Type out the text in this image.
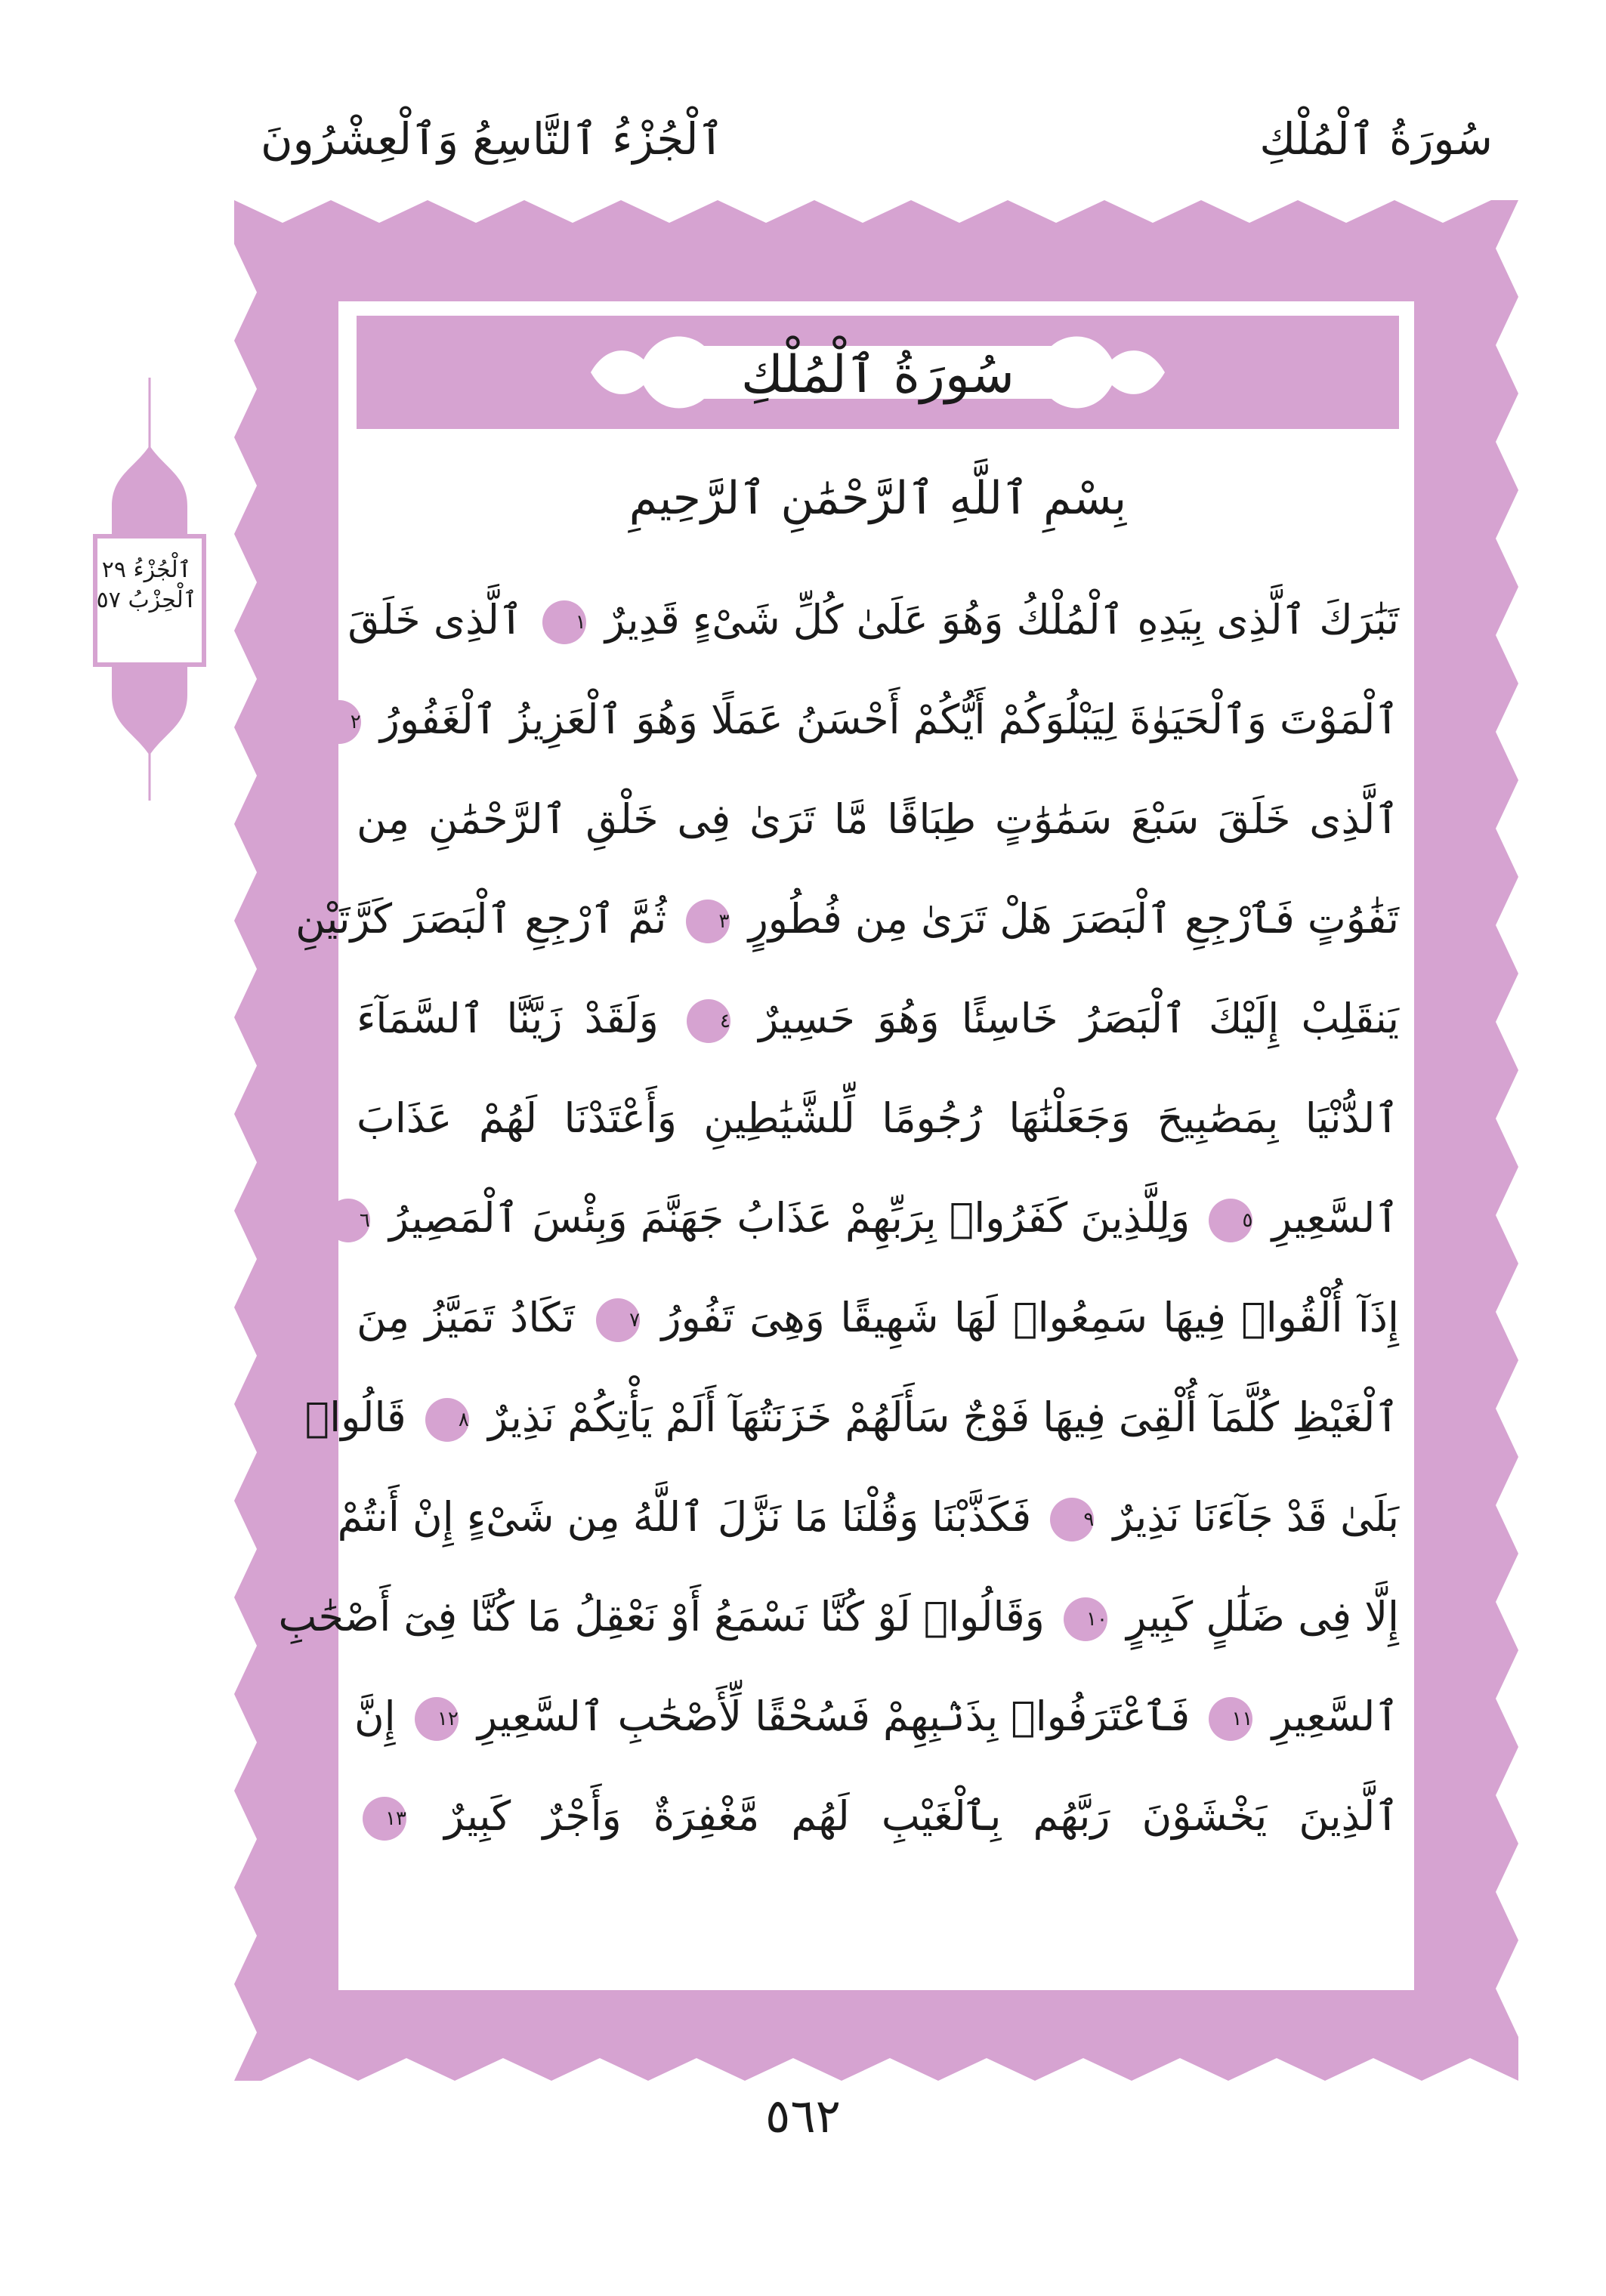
سُورَةُ ٱلْمُلْكِ
ٱلْجُزْءُ ٱلتَّاسِعُ وَٱلْعِشْرُونَ
ٱلْجُزْءُ ٢٩
ٱلْحِزْبُ ٥٧
سُورَةُ ٱلْمُلْكِ
بِسْمِ ٱللَّهِ ٱلرَّحْمَٰنِ ٱلرَّحِيمِ
تَبَٰرَكَ ٱلَّذِى بِيَدِهِ ٱلْمُلْكُ وَهُوَ عَلَىٰ كُلِّ شَىْءٍ قَدِيرٌ ١ ٱلَّذِى خَلَقَ
ٱلْمَوْتَ وَٱلْحَيَوٰةَ لِيَبْلُوَكُمْ أَيُّكُمْ أَحْسَنُ عَمَلًا وَهُوَ ٱلْعَزِيزُ ٱلْغَفُورُ ٢
ٱلَّذِى خَلَقَ سَبْعَ سَمَٰوَٰتٍ طِبَاقًا مَّا تَرَىٰ فِى خَلْقِ ٱلرَّحْمَٰنِ مِن
تَفَٰوُتٍ فَٱرْجِعِ ٱلْبَصَرَ هَلْ تَرَىٰ مِن فُطُورٍ ٣ ثُمَّ ٱرْجِعِ ٱلْبَصَرَ كَرَّتَيْنِ
يَنقَلِبْ إِلَيْكَ ٱلْبَصَرُ خَاسِئًا وَهُوَ حَسِيرٌ ٤ وَلَقَدْ زَيَّنَّا ٱلسَّمَآءَ
ٱلدُّنْيَا بِمَصَٰبِيحَ وَجَعَلْنَٰهَا رُجُومًا لِّلشَّيَٰطِينِ وَأَعْتَدْنَا لَهُمْ عَذَابَ
ٱلسَّعِيرِ ٥ وَلِلَّذِينَ كَفَرُوا۟ بِرَبِّهِمْ عَذَابُ جَهَنَّمَ وَبِئْسَ ٱلْمَصِيرُ ٦
إِذَآ أُلْقُوا۟ فِيهَا سَمِعُوا۟ لَهَا شَهِيقًا وَهِىَ تَفُورُ ٧ تَكَادُ تَمَيَّزُ مِنَ
ٱلْغَيْظِ كُلَّمَآ أُلْقِىَ فِيهَا فَوْجٌ سَأَلَهُمْ خَزَنَتُهَآ أَلَمْ يَأْتِكُمْ نَذِيرٌ ٨ قَالُوا۟
بَلَىٰ قَدْ جَآءَنَا نَذِيرٌ ٩ فَكَذَّبْنَا وَقُلْنَا مَا نَزَّلَ ٱللَّهُ مِن شَىْءٍ إِنْ أَنتُمْ
إِلَّا فِى ضَلَٰلٍ كَبِيرٍ ١٠ وَقَالُوا۟ لَوْ كُنَّا نَسْمَعُ أَوْ نَعْقِلُ مَا كُنَّا فِىٓ أَصْحَٰبِ
ٱلسَّعِيرِ ١١ فَٱعْتَرَفُوا۟ بِذَنۢبِهِمْ فَسُحْقًا لِّأَصْحَٰبِ ٱلسَّعِيرِ ١٢ إِنَّ
ٱلَّذِينَ يَخْشَوْنَ رَبَّهُم بِٱلْغَيْبِ لَهُم مَّغْفِرَةٌ وَأَجْرٌ كَبِيرٌ ١٣
٥٦٢
